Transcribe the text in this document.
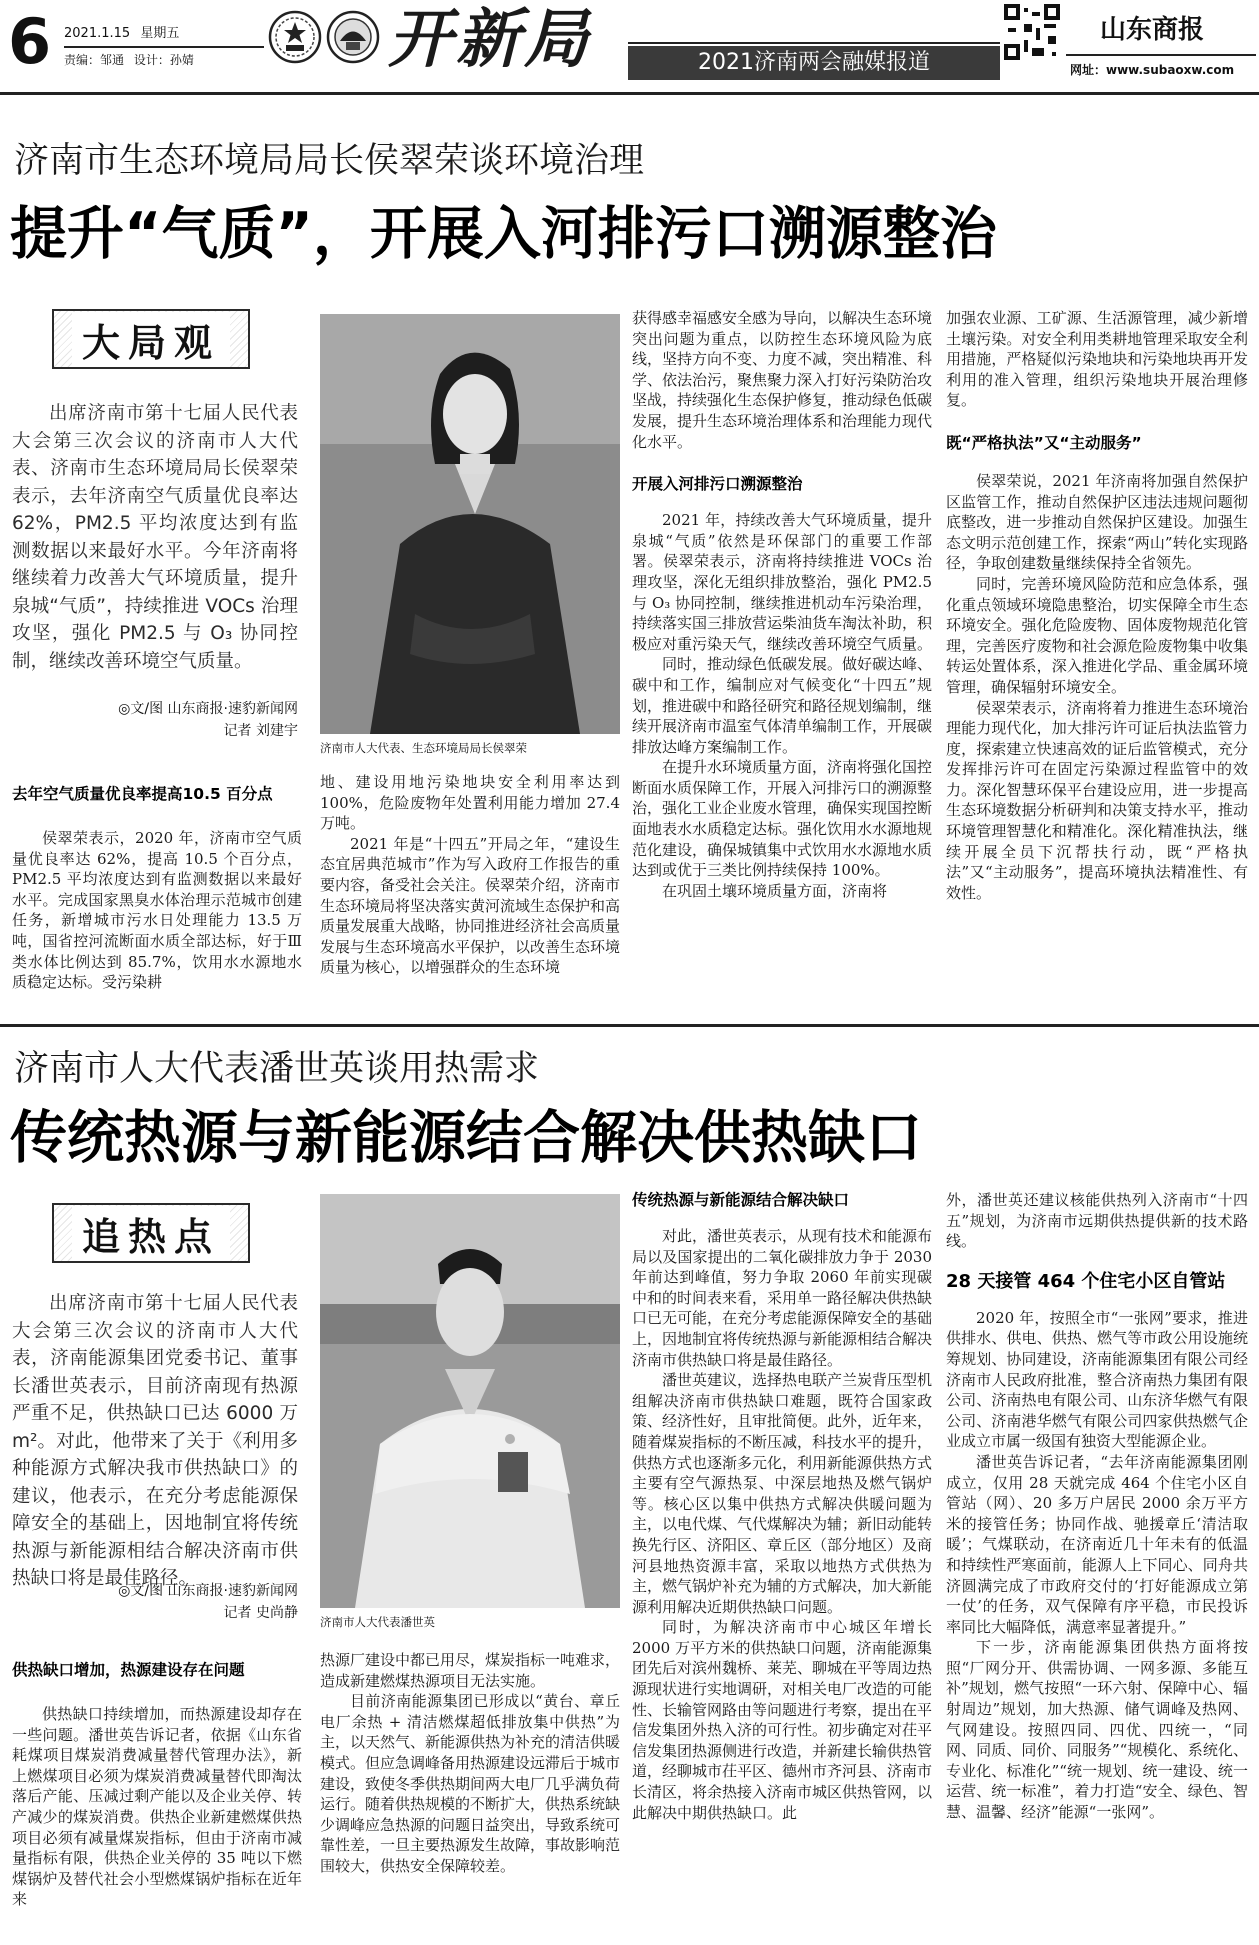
6 2021.1.15 星期五
责编：邹通 设计：孙婧	开新局	2021济南两会融媒报道
山东商报
网址：www.subaoxw.com
济南市生态环境局局长侯翠荣谈环境治理
提升“气质”，开展入河排污口溯源整治
大局观

出席济南市第十七届人民代表大会第三次会议的济南市人大代表、济南市生态环境局局长侯翠荣表示，去年济南空气质量优良率达 62%，PM2.5 平均浓度达到有监测数据以来最好水平。今年济南将继续着力改善大气环境质量，提升泉城“气质”，持续推进 VOCs 治理攻坚，强化 PM2.5 与 O₃ 协同控制，继续改善环境空气质量。

◎文/图 山东商报·速豹新闻网
记者 刘建宇
济南市人大代表、生态环境局局长侯翠荣
去年空气质量优良率提高10.5 百分点

侯翠荣表示，2020 年，济南市空气质量优良率达 62%，提高 10.5 个百分点，PM2.5 平均浓度达到有监测数据以来最好水平。完成国家黑臭水体治理示范城市创建任务，新增城市污水日处理能力 13.5 万吨，国省控河流断面水质全部达标，好于Ⅲ类水体比例达到 85.7%，饮用水水源地水质稳定达标。受污染耕

地、建设用地污染地块安全利用率达到 100%，危险废物年处置利用能力增加 27.4 万吨。

2021 年是“十四五”开局之年，“建设生态宜居典范城市”作为写入政府工作报告的重要内容，备受社会关注。侯翠荣介绍，济南市生态环境局将坚决落实黄河流域生态保护和高质量发展重大战略，协同推进经济社会高质量发展与生态环境高水平保护，以改善生态环境质量为核心，以增强群众的生态环境

获得感幸福感安全感为导向，以解决生态环境突出问题为重点，以防控生态环境风险为底线，坚持方向不变、力度不减，突出精准、科学、依法治污，聚焦聚力深入打好污染防治攻坚战，持续强化生态保护修复，推动绿色低碳发展，提升生态环境治理体系和治理能力现代化水平。

开展入河排污口溯源整治

2021 年，持续改善大气环境质量，提升泉城“气质”依然是环保部门的重要工作部署。侯翠荣表示，济南将持续推进 VOCs 治理攻坚，深化无组织排放整治，强化 PM2.5 与 O₃ 协同控制，继续推进机动车污染治理，持续落实国三排放营运柴油货车淘汰补助，积极应对重污染天气，继续改善环境空气质量。

同时，推动绿色低碳发展。做好碳达峰、碳中和工作，编制应对气候变化“十四五”规划，推进碳中和路径研究和路径规划编制，继续开展济南市温室气体清单编制工作，开展碳排放达峰方案编制工作。

在提升水环境质量方面，济南将强化国控断面水质保障工作，开展入河排污口的溯源整治，强化工业企业废水管理，确保实现国控断面地表水水质稳定达标。强化饮用水水源地规范化建设，确保城镇集中式饮用水水源地水质达到或优于三类比例持续保持 100%。

在巩固土壤环境质量方面，济南将

加强农业源、工矿源、生活源管理，减少新增土壤污染。对安全利用类耕地管理采取安全利用措施，严格疑似污染地块和污染地块再开发利用的准入管理，组织污染地块开展治理修复。

既“严格执法”又“主动服务”

侯翠荣说，2021 年济南将加强自然保护区监管工作，推动自然保护区违法违规问题彻底整改，进一步推动自然保护区建设。加强生态文明示范创建工作，探索“两山”转化实现路径，争取创建数量继续保持全省领先。

同时，完善环境风险防范和应急体系，强化重点领域环境隐患整治，切实保障全市生态环境安全。强化危险废物、固体废物规范化管理，完善医疗废物和社会源危险废物集中收集转运处置体系，深入推进化学品、重金属环境管理，确保辐射环境安全。

侯翠荣表示，济南将着力推进生态环境治理能力现代化，加大排污许可证后执法监管力度，探索建立快速高效的证后监管模式，充分发挥排污许可在固定污染源过程监管中的效力。深化智慧环保平台建设应用，进一步提高生态环境数据分析研判和决策支持水平，推动环境管理智慧化和精准化。深化精准执法，继续开展全员下沉帮扶行动，既“严格执法”又“主动服务”，提高环境执法精准性、有效性。

济南市人大代表潘世英谈用热需求
传统热源与新能源结合解决供热缺口
追热点

出席济南市第十七届人民代表大会第三次会议的济南市人大代表，济南能源集团党委书记、董事长潘世英表示，目前济南现有热源严重不足，供热缺口已达 6000 万m²。对此，他带来了关于《利用多种能源方式解决我市供热缺口》的建议，他表示，在充分考虑能源保障安全的基础上，因地制宜将传统热源与新能源相结合解决济南市供热缺口将是最佳路径。

◎文/图 山东商报·速豹新闻网
记者 史尚静
济南市人大代表潘世英
供热缺口增加，热源建设存在问题

供热缺口持续增加，而热源建设却存在一些问题。潘世英告诉记者，依据《山东省耗煤项目煤炭消费减量替代管理办法》，新上燃煤项目必须为煤炭消费减量替代即淘汰落后产能、压减过剩产能以及企业关停、转产减少的煤炭消费。供热企业新建燃煤供热项目必须有减量煤炭指标，但由于济南市减量指标有限，供热企业关停的 35 吨以下燃煤锅炉及替代社会小型燃煤锅炉指标在近年来

热源厂建设中都已用尽，煤炭指标一吨难求，造成新建燃煤热源项目无法实施。

目前济南能源集团已形成以“黄台、章丘电厂余热 + 清洁燃煤超低排放集中供热”为主，以天然气、新能源供热为补充的清洁供暖模式。但应急调峰备用热源建设远滞后于城市建设，致使冬季供热期间两大电厂几乎满负荷运行。随着供热规模的不断扩大，供热系统缺少调峰应急热源的问题日益突出，导致系统可靠性差，一旦主要热源发生故障，事故影响范围较大，供热安全保障较差。

传统热源与新能源结合解决缺口

对此，潘世英表示，从现有技术和能源布局以及国家提出的二氧化碳排放力争于 2030 年前达到峰值，努力争取 2060 年前实现碳中和的时间表来看，采用单一路径解决供热缺口已无可能，在充分考虑能源保障安全的基础上，因地制宜将传统热源与新能源相结合解决济南市供热缺口将是最佳路径。

潘世英建议，选择热电联产兰炭背压型机组解决济南市供热缺口难题，既符合国家政策、经济性好，且审批简便。此外，近年来，随着煤炭指标的不断压减，科技水平的提升，供热方式也逐渐多元化，利用新能源供热方式主要有空气源热泵、中深层地热及燃气锅炉等。核心区以集中供热方式解决供暖问题为主，以电代煤、气代煤解决为辅；新旧动能转换先行区、济阳区、章丘区（部分地区）及商河县地热资源丰富，采取以地热方式供热为主，燃气锅炉补充为辅的方式解决，加大新能源利用解决近期供热缺口问题。

同时，为解决济南市中心城区年增长 2000 万平方米的供热缺口问题，济南能源集团先后对滨州魏桥、莱芜、聊城在平等周边热源现状进行实地调研，对相关电厂改造的可能性、长输管网路由等问题进行考察，提出在平信发集团外热入济的可行性。初步确定对茌平信发集团热源侧进行改造，并新建长输供热管道，经聊城市茌平区、德州市齐河县、济南市长清区，将余热接入济南市城区供热管网，以此解决中期供热缺口。此

外，潘世英还建议核能供热列入济南市“十四五”规划，为济南市远期供热提供新的技术路线。

28 天接管 464 个住宅小区自管站

2020 年，按照全市“一张网”要求，推进供排水、供电、供热、燃气等市政公用设施统筹规划、协同建设，济南能源集团有限公司经济南市人民政府批准，整合济南热力集团有限公司、济南热电有限公司、山东济华燃气有限公司、济南港华燃气有限公司四家供热燃气企业成立市属一级国有独资大型能源企业。

潘世英告诉记者，“去年济南能源集团刚成立，仅用 28 天就完成 464 个住宅小区自管站（网）、20 多万户居民 2000 余万平方米的接管任务；协同作战、驰援章丘‘清洁取暖’；气煤联动，在济南近几十年未有的低温和持续性严寒面前，能源人上下同心、同舟共济圆满完成了市政府交付的‘打好能源成立第一仗’的任务，双气保障有序平稳，市民投诉率同比大幅降低，满意率显著提升。”

下一步，济南能源集团供热方面将按照“厂网分开、供需协调、一网多源、多能互补”规划，燃气按照“一环六射、保障中心、辐射周边”规划，加大热源、储气调峰及热网、气网建设。按照四同、四优、四统一，“同网、同质、同价、同服务”“规模化、系统化、专业化、标准化”“统一规划、统一建设、统一运营、统一标准”，着力打造“安全、绿色、智慧、温馨、经济”能源“一张网”。
